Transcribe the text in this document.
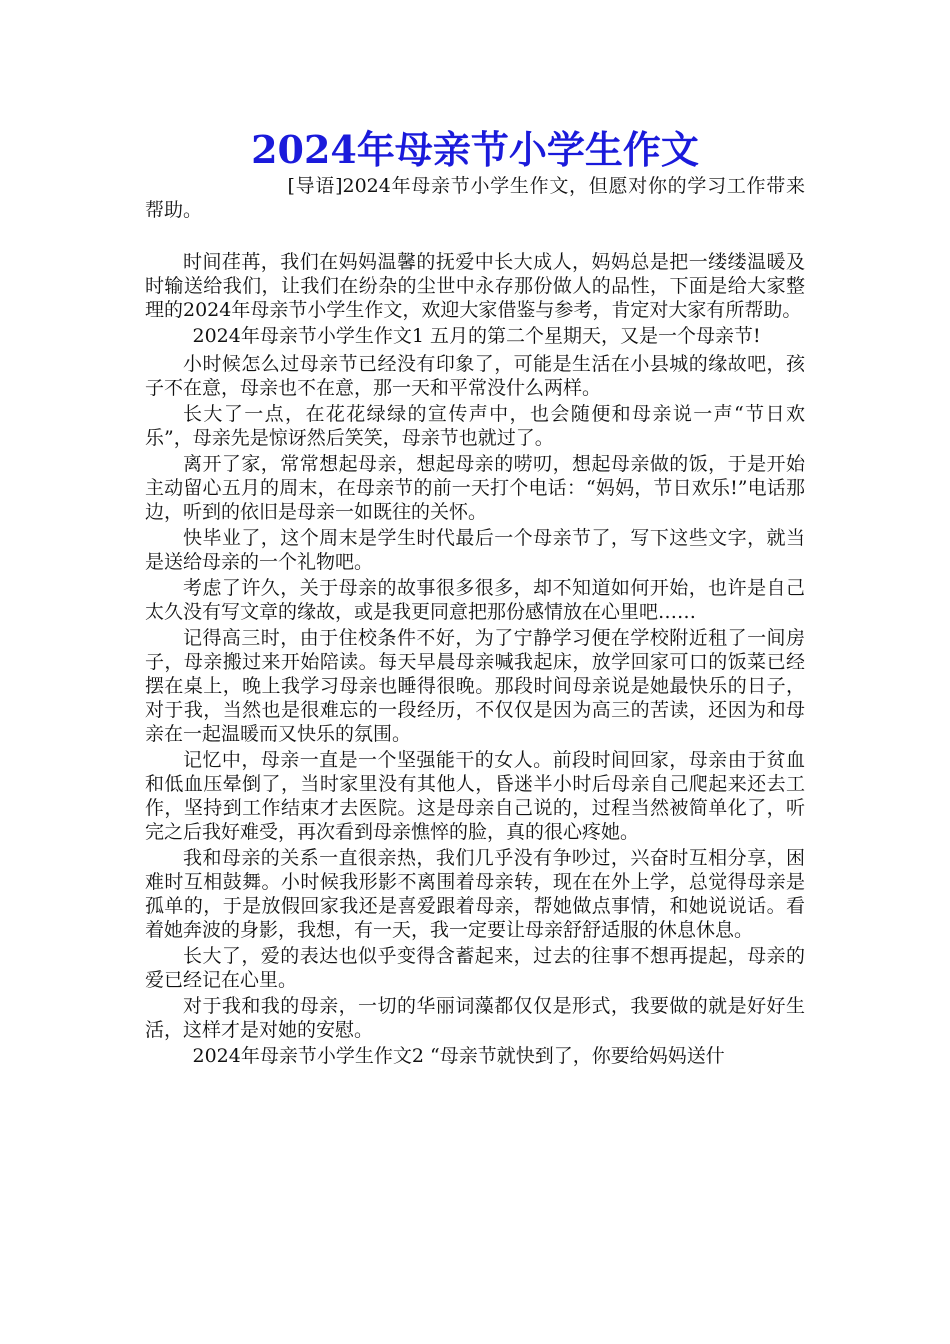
2024年母亲节小学生作文

[导语]2024年母亲节小学生作文，但愿对你的学习工作带来帮助。

时间荏苒，我们在妈妈温馨的抚爱中长大成人，妈妈总是把一缕缕温暖及时输送给我们，让我们在纷杂的尘世中永存那份做人的品性，下面是给大家整理的2024年母亲节小学生作文，欢迎大家借鉴与参考，肯定对大家有所帮助。

2024年母亲节小学生作文1 五月的第二个星期天，又是一个母亲节!

小时候怎么过母亲节已经没有印象了，可能是生活在小县城的缘故吧，孩子不在意，母亲也不在意，那一天和平常没什么两样。

长大了一点，在花花绿绿的宣传声中，也会随便和母亲说一声“节日欢乐”，母亲先是惊讶然后笑笑，母亲节也就过了。

离开了家，常常想起母亲，想起母亲的唠叨，想起母亲做的饭，于是开始主动留心五月的周末，在母亲节的前一天打个电话：“妈妈，节日欢乐!”电话那边，听到的依旧是母亲一如既往的关怀。

快毕业了，这个周末是学生时代最后一个母亲节了，写下这些文字，就当是送给母亲的一个礼物吧。

考虑了许久，关于母亲的故事很多很多，却不知道如何开始，也许是自己太久没有写文章的缘故，或是我更同意把那份感情放在心里吧……

记得高三时，由于住校条件不好，为了宁静学习便在学校附近租了一间房子，母亲搬过来开始陪读。每天早晨母亲喊我起床，放学回家可口的饭菜已经摆在桌上，晚上我学习母亲也睡得很晚。那段时间母亲说是她最快乐的日子，对于我，当然也是很难忘的一段经历，不仅仅是因为高三的苦读，还因为和母亲在一起温暖而又快乐的氛围。

记忆中，母亲一直是一个坚强能干的女人。前段时间回家，母亲由于贫血和低血压晕倒了，当时家里没有其他人，昏迷半小时后母亲自己爬起来还去工作，坚持到工作结束才去医院。这是母亲自己说的，过程当然被简单化了，听完之后我好难受，再次看到母亲憔悴的脸，真的很心疼她。

我和母亲的关系一直很亲热，我们几乎没有争吵过，兴奋时互相分享，困难时互相鼓舞。小时候我形影不离围着母亲转，现在在外上学，总觉得母亲是孤单的，于是放假回家我还是喜爱跟着母亲，帮她做点事情，和她说说话。看着她奔波的身影，我想，有一天，我一定要让母亲舒舒适服的休息休息。

长大了，爱的表达也似乎变得含蓄起来，过去的往事不想再提起，母亲的爱已经记在心里。

对于我和我的母亲，一切的华丽词藻都仅仅是形式，我要做的就是好好生活，这样才是对她的安慰。

2024年母亲节小学生作文2 “母亲节就快到了，你要给妈妈送什
